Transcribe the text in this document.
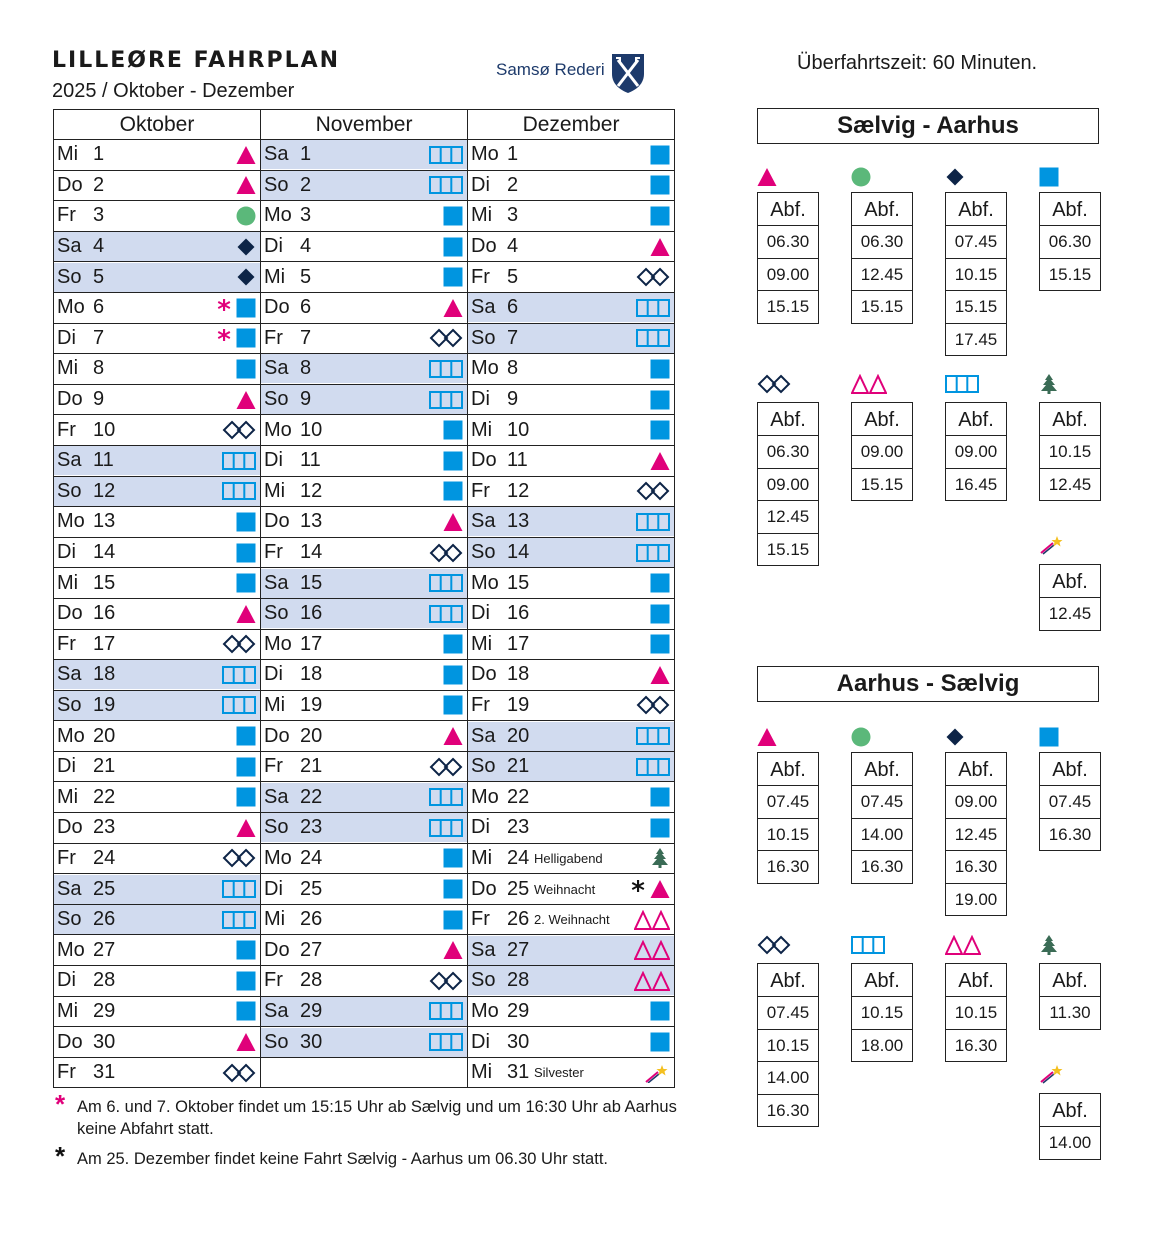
LILLEØRE FAHRPLAN
2025 / Oktober - Dezember
Samsø Rederi	Überfahrtszeit: 60 Minuten.
Oktober	November	Dezember

Mi 1	Sa 1	Mo 1

Do 2	So 2	Di 2

Fr 3	Mo 3	Mi 3

Sa 4	Di 4	Do 4

So 5	Mi 5	Fr 5

Mo 6 *	Do 6	Sa 6

Di 7 *	Fr 7	So 7

Mi 8	Sa 8	Mo 8

Do 9	So 9	Di 9

Fr 10	Mo 10	Mi 10

Sa 11	Di 11	Do 11

So 12	Mi 12	Fr 12

Mo 13	Do 13	Sa 13

Di 14	Fr 14	So 14

Mi 15	Sa 15	Mo 15

Do 16	So 16	Di 16

Fr 17	Mo 17	Mi 17

Sa 18	Di 18	Do 18

So 19	Mi 19	Fr 19

Mo 20	Do 20	Sa 20

Di 21	Fr 21	So 21

Mi 22	Sa 22	Mo 22

Do 23	So 23	Di 23

Fr 24	Mo 24	Mi 24 Helligabend

Sa 25	Di 25	Do 25 Weihnacht *

So 26	Mi 26	Fr 26 2. Weihnacht

Mo 27	Do 27	Sa 27

Di 28	Fr 28	So 28

Mi 29	Sa 29	Mo 29

Do 30	So 30	Di 30

Fr 31		Mi 31 Silvester
Sælvig - Aarhus
Abf.
06.30
09.00
15.15
Abf.
06.30
12.45
15.15
Abf.
07.45
10.15
15.15
17.45
Abf.
06.30
15.15
Abf.
06.30
09.00
12.45
15.15
Abf.
09.00
15.15
Abf.
09.00
16.45
Abf.
10.15
12.45
Abf.
12.45
Aarhus - Sælvig
Abf.
07.45
10.15
16.30
Abf.
07.45
14.00
16.30
Abf.
09.00
12.45
16.30
19.00
Abf.
07.45
16.30
Abf.
07.45
10.15
14.00
16.30
Abf.
10.15
18.00
Abf.
10.15
16.30
Abf.
11.30
Abf.
14.00
* Am 6. und 7. Oktober findet um 15:15 Uhr ab Sælvig und um 16:30 Uhr ab Aarhus keine Abfahrt statt.
* Am 25. Dezember findet keine Fahrt Sælvig - Aarhus um 06.30 Uhr statt.
